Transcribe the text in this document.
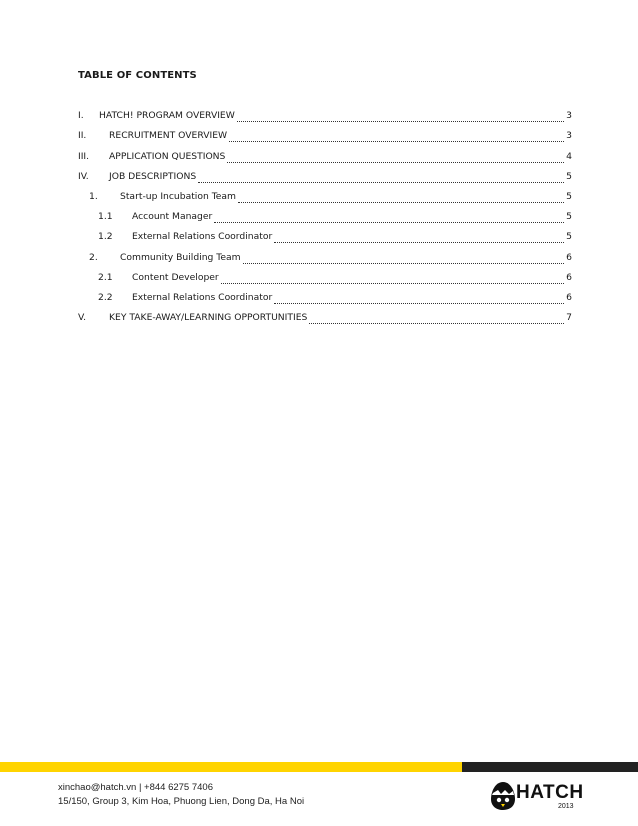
TABLE OF CONTENTS
I.	HATCH! PROGRAM OVERVIEW	3
II.	RECRUITMENT OVERVIEW	3
III.	APPLICATION QUESTIONS	4
IV.	JOB DESCRIPTIONS	5
1.	Start-up Incubation Team	5
1.1	Account Manager	5
1.2	External Relations Coordinator	5
2.	Community Building Team	6
2.1	Content Developer	6
2.2	External Relations Coordinator	6
V.	KEY TAKE-AWAY/LEARNING OPPORTUNITIES	7
xinchao@hatch.vn | +844 6275 7406
15/150, Group 3, Kim Hoa, Phuong Lien, Dong Da, Ha Noi	HATCH
2013
